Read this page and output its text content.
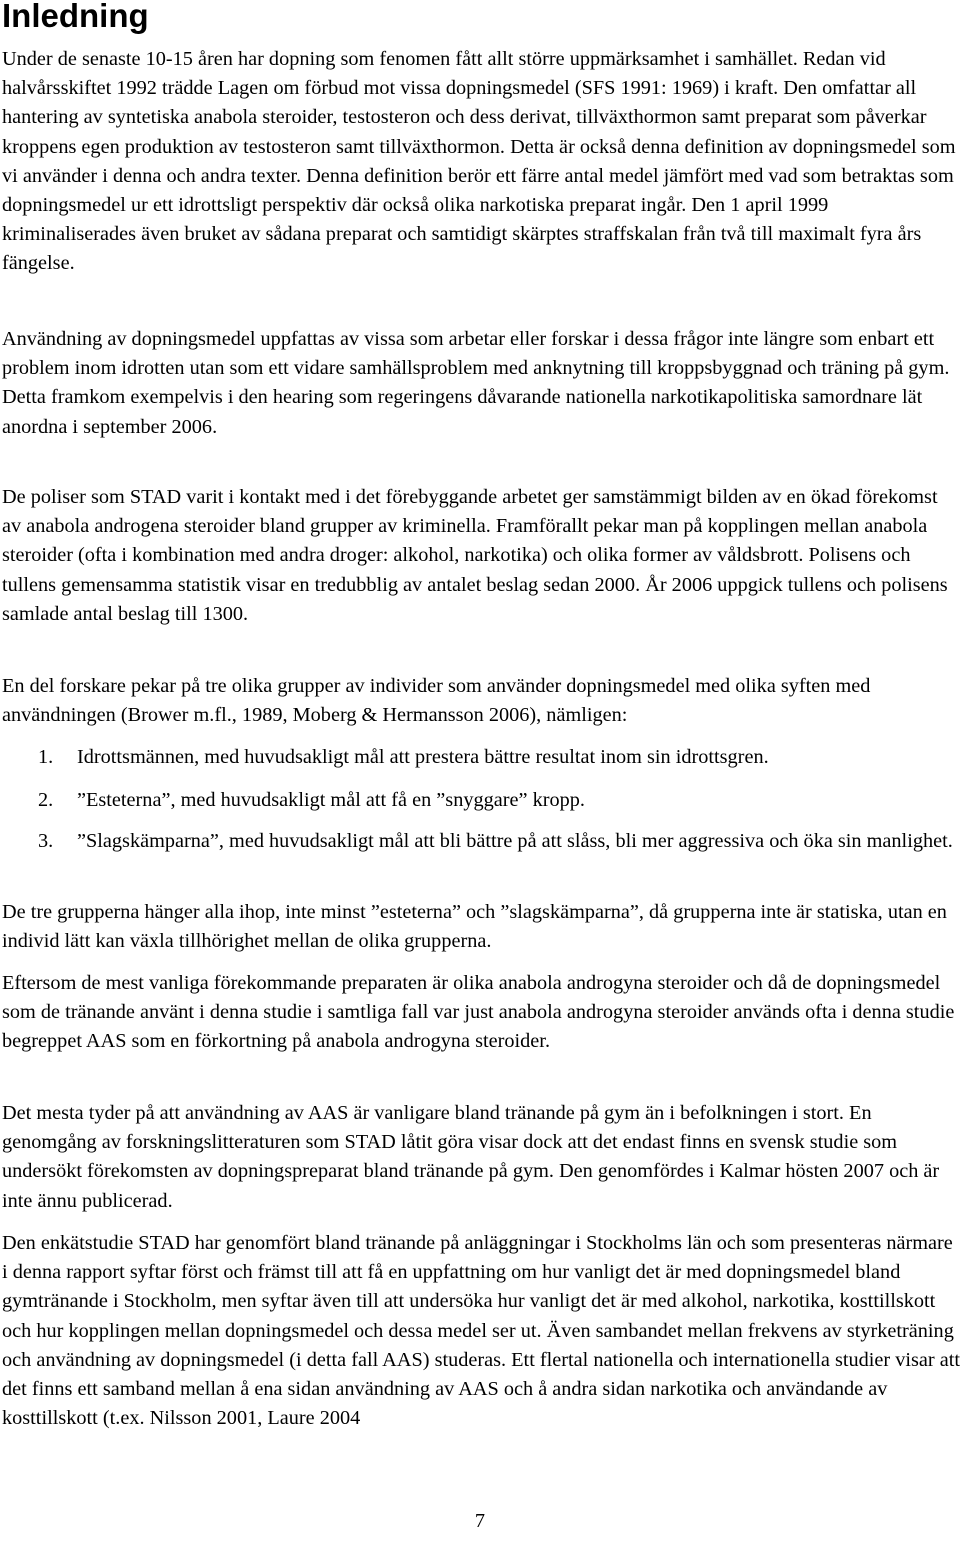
Inledning

Under de senaste 10-15 åren har dopning som fenomen fått allt större uppmärksamhet i samhället. Redan vid halvårsskiftet 1992 trädde Lagen om förbud mot vissa dopningsmedel (SFS 1991: 1969) i kraft. Den omfattar all hantering av syntetiska anabola steroider, testosteron och dess derivat, tillväxthormon samt preparat som påverkar kroppens egen produktion av testosteron samt tillväxthormon. Detta är också denna definition av dopningsmedel som vi använder i denna och andra texter. Denna definition berör ett färre antal medel jämfört med vad som betraktas som dopningsmedel ur ett idrottsligt perspektiv där också olika narkotiska preparat ingår. Den 1 april 1999 kriminaliserades även bruket av sådana preparat och samtidigt skärptes straffskalan från två till maximalt fyra års fängelse.

Användning av dopningsmedel uppfattas av vissa som arbetar eller forskar i dessa frågor inte längre som enbart ett problem inom idrotten utan som ett vidare samhällsproblem med anknytning till kroppsbyggnad och träning på gym. Detta framkom exempelvis i den hearing som regeringens dåvarande nationella narkotikapolitiska samordnare lät anordna i september 2006.

De poliser som STAD varit i kontakt med i det förebyggande arbetet ger samstämmigt bilden av en ökad förekomst av anabola androgena steroider bland grupper av kriminella. Framförallt pekar man på kopplingen mellan anabola steroider (ofta i kombination med andra droger: alkohol, narkotika) och olika former av våldsbrott. Polisens och tullens gemensamma statistik visar en tredubblig av antalet beslag sedan 2000. År 2006 uppgick tullens och polisens samlade antal beslag till 1300.

En del forskare pekar på tre olika grupper av individer som använder dopningsmedel med olika syften med användningen (Brower m.fl., 1989, Moberg & Hermansson 2006), nämligen:

1. Idrottsmännen, med huvudsakligt mål att prestera bättre resultat inom sin idrottsgren.

2. ”Esteterna”, med huvudsakligt mål att få en ”snyggare” kropp.

3. ”Slagskämparna”, med huvudsakligt mål att bli bättre på att slåss, bli mer aggressiva och öka sin manlighet.

De tre grupperna hänger alla ihop, inte minst ”esteterna” och ”slagskämparna”, då grupperna inte är statiska, utan en individ lätt kan växla tillhörighet mellan de olika grupperna.

Eftersom de mest vanliga förekommande preparaten är olika anabola androgyna steroider och då de dopningsmedel som de tränande använt i denna studie i samtliga fall var just anabola androgyna steroider används ofta i denna studie begreppet AAS som en förkortning på anabola androgyna steroider.

Det mesta tyder på att användning av AAS är vanligare bland tränande på gym än i befolkningen i stort. En genomgång av forskningslitteraturen som STAD låtit göra visar dock att det endast finns en svensk studie som undersökt förekomsten av dopningspreparat bland tränande på gym. Den genomfördes i Kalmar hösten 2007 och är inte ännu publicerad.

Den enkätstudie STAD har genomfört bland tränande på anläggningar i Stockholms län och som presenteras närmare i denna rapport syftar först och främst till att få en uppfattning om hur vanligt det är med dopningsmedel bland gymtränande i Stockholm, men syftar även till att undersöka hur vanligt det är med alkohol, narkotika, kosttillskott och hur kopplingen mellan dopningsmedel och dessa medel ser ut. Även sambandet mellan frekvens av styrketräning och användning av dopningsmedel (i detta fall AAS) studeras. Ett flertal nationella och internationella studier visar att det finns ett samband mellan å ena sidan användning av AAS och å andra sidan narkotika och användande av kosttillskott (t.ex. Nilsson 2001, Laure 2004

7
